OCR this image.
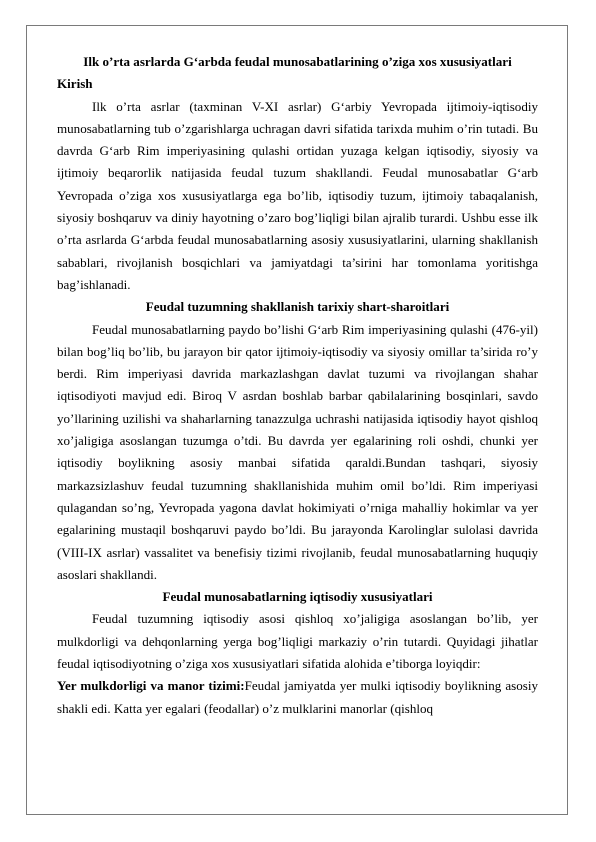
Ilk o’rta asrlarda G‘arbda feudal munosabatlarining o’ziga xos xususiyatlari

Kirish

Ilk o’rta asrlar (taxminan V-XI asrlar) G‘arbiy Yevropada ijtimoiy-iqtisodiy munosabatlarning tub o’zgarishlarga uchragan davri sifatida tarixda muhim o’rin tutadi. Bu davrda G‘arb Rim imperiyasining qulashi ortidan yuzaga kelgan iqtisodiy, siyosiy va ijtimoiy beqarorlik natijasida feudal tuzum shakllandi. Feudal munosabatlar G‘arb Yevropada o’ziga xos xususiyatlarga ega bo’lib, iqtisodiy tuzum, ijtimoiy tabaqalanish, siyosiy boshqaruv va diniy hayotning o’zaro bog’liqligi bilan ajralib turardi. Ushbu esse ilk o’rta asrlarda G‘arbda feudal munosabatlarning asosiy xususiyatlarini, ularning shakllanish sabablari, rivojlanish bosqichlari va jamiyatdagi ta’sirini har tomonlama yoritishga bag’ishlanadi.

Feudal tuzumning shakllanish tarixiy shart-sharoitlari

Feudal munosabatlarning paydo bo’lishi G‘arb Rim imperiyasining qulashi (476-yil) bilan bog’liq bo’lib, bu jarayon bir qator ijtimoiy-iqtisodiy va siyosiy omillar ta’sirida ro’y berdi. Rim imperiyasi davrida markazlashgan davlat tuzumi va rivojlangan shahar iqtisodiyoti mavjud edi. Biroq V asrdan boshlab barbar qabilalarining bosqinlari, savdo yo’llarining uzilishi va shaharlarning tanazzulga uchrashi natijasida iqtisodiy hayot qishloq xo’jaligiga asoslangan tuzumga o’tdi. Bu davrda yer egalarining roli oshdi, chunki yer iqtisodiy boylikning asosiy manbai sifatida qaraldi.Bundan tashqari, siyosiy markazsizlashuv feudal tuzumning shakllanishida muhim omil bo’ldi. Rim imperiyasi qulagandan so’ng, Yevropada yagona davlat hokimiyati o’rniga mahalliy hokimlar va yer egalarining mustaqil boshqaruvi paydo bo’ldi. Bu jarayonda Karolinglar sulolasi davrida (VIII-IX asrlar) vassalitet va benefisiy tizimi rivojlanib, feudal munosabatlarning huquqiy asoslari shakllandi.

Feudal munosabatlarning iqtisodiy xususiyatlari

Feudal tuzumning iqtisodiy asosi qishloq xo’jaligiga asoslangan bo’lib, yer mulkdorligi va dehqonlarning yerga bog’liqligi markaziy o’rin tutardi. Quyidagi jihatlar feudal iqtisodiyotning o’ziga xos xususiyatlari sifatida alohida e’tiborga loyiqdir:

Yer mulkdorligi va manor tizimi:Feudal jamiyatda yer mulki iqtisodiy boylikning asosiy shakli edi. Katta yer egalari (feodallar) o’z mulklarini manorlar (qishloq
